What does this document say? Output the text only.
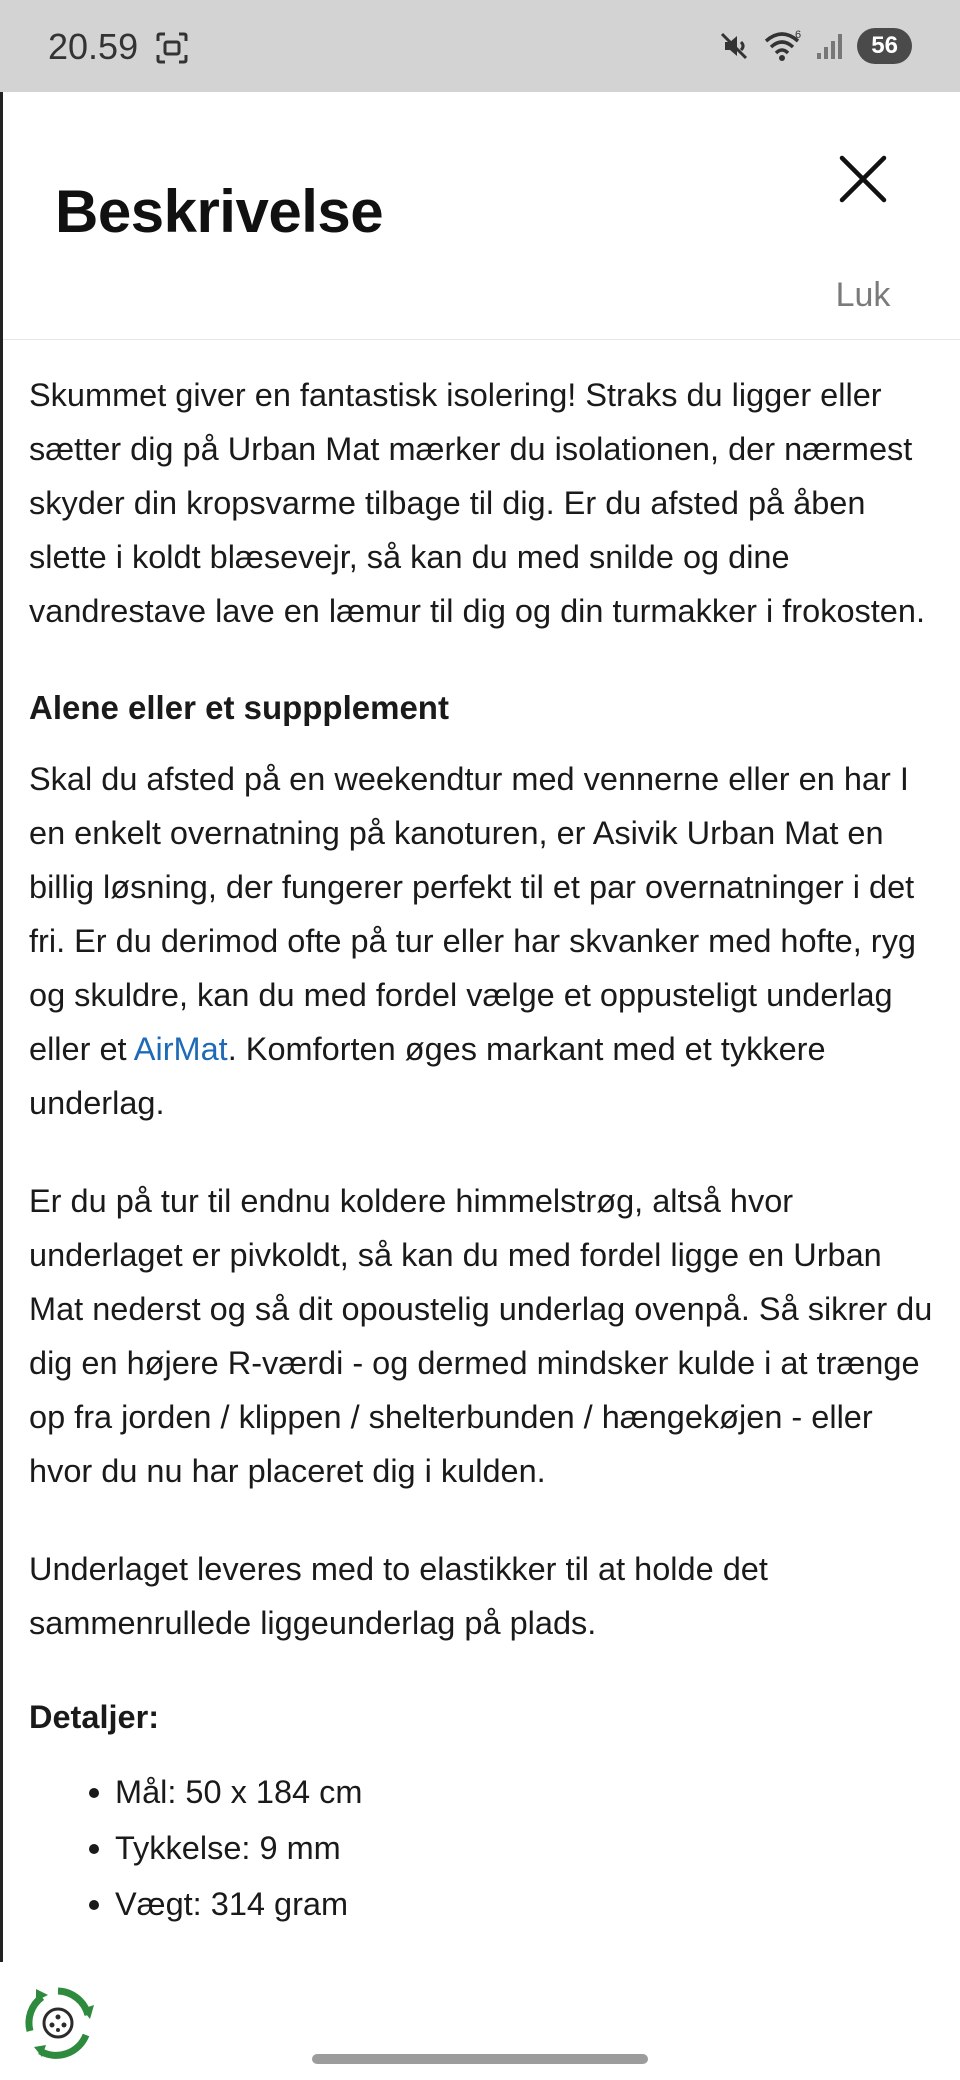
20.59	6	56
Beskrivelse
Luk

Skummet giver en fantastisk isolering! Straks du ligger eller sætter dig på Urban Mat mærker du isolationen, der nærmest skyder din kropsvarme tilbage til dig. Er du afsted på åben slette i koldt blæsevejr, så kan du med snilde og dine vandrestave lave en læmur til dig og din turmakker i frokosten.

Alene eller et suppplement

Skal du afsted på en weekendtur med vennerne eller en har I en enkelt overnatning på kanoturen, er Asivik Urban Mat en billig løsning, der fungerer perfekt til et par overnatninger i det fri. Er du derimod ofte på tur eller har skvanker med hofte, ryg og skuldre, kan du med fordel vælge et oppusteligt underlag eller et AirMat. Komforten øges markant med et tykkere underlag.

Er du på tur til endnu koldere himmelstrøg, altså hvor underlaget er pivkoldt, så kan du med fordel ligge en Urban Mat nederst og så dit opoustelig underlag ovenpå. Så sikrer du dig en højere R-værdi - og dermed mindsker kulde i at trænge op fra jorden / klippen / shelterbunden / hængekøjen - eller hvor du nu har placeret dig i kulden.

Underlaget leveres med to elastikker til at holde det sammenrullede liggeunderlag på plads.

Detaljer:

Mål: 50 x 184 cm
Tykkelse: 9 mm
Vægt: 314 gram
